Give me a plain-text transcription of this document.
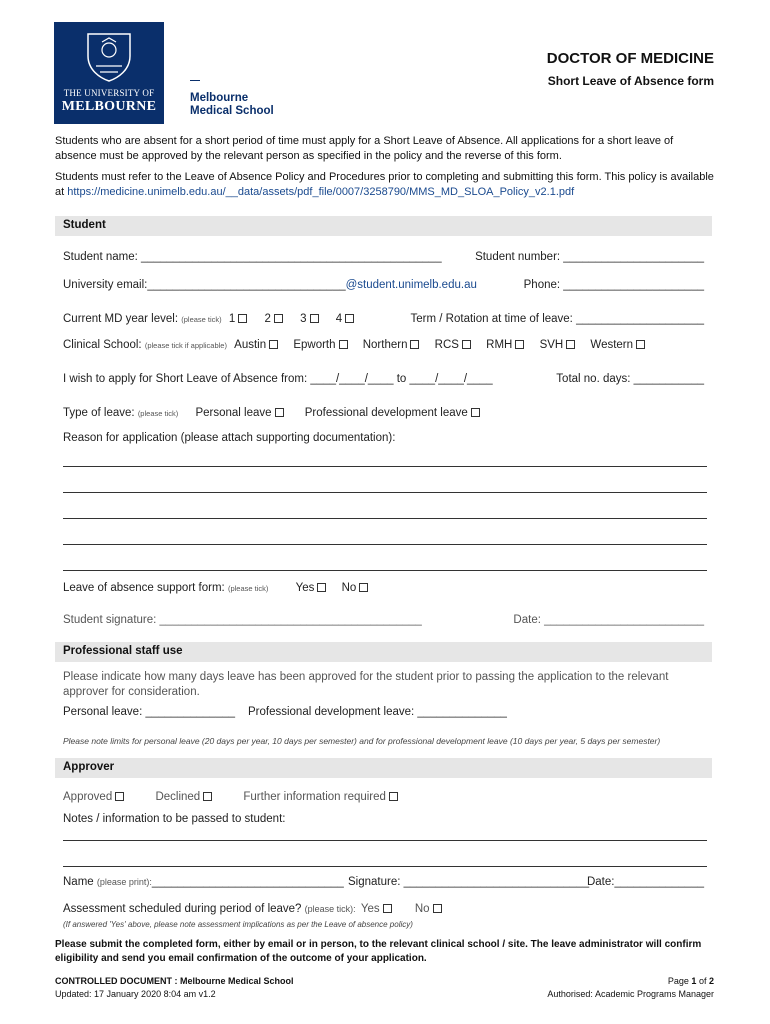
THE UNIVERSITY OF
MELBOURNE
Melbourne
Medical School
DOCTOR OF MEDICINE
Short Leave of Absence form
Students who are absent for a short period of time must apply for a Short Leave of Absence. All applications for a short leave of absence must be approved by the relevant person as specified in the policy and the reverse of this form.
Students must refer to the Leave of Absence Policy and Procedures prior to completing and submitting this form. This policy is available at https://medicine.unimelb.edu.au/__data/assets/pdf_file/0007/3258790/MMS_MD_SLOA_Policy_v2.1.pdf
Student
Student name: _______________________________________________	Student number: ______________________
University email:_______________________________@student.unimelb.edu.au	Phone: ______________________
Current MD year level: (please tick) 1	2	3	4	Term / Rotation at time of leave: ____________________
Clinical School: (please tick if applicable) Austin Epworth Northern RCS RMH SVH Western
I wish to apply for Short Leave of Absence from: ____/____/____ to ____/____/____	Total no. days: ___________
Type of leave: (please tick) Personal leave	Professional development leave
Reason for application (please attach supporting documentation):
Leave of absence support form: (please tick) Yes No
Student signature: _________________________________________	Date: _________________________
Professional staff use
Please indicate how many days leave has been approved for the student prior to passing the application to the relevant approver for consideration.
Personal leave: ______________ Professional development leave: ______________
Please note limits for personal leave (20 days per year, 10 days per semester) and for professional development leave (10 days per year, 5 days per semester)
Approver
Approved	Declined	Further information required
Notes / information to be passed to student:
Name (please print):______________________________ Signature: _____________________________
Date:______________
Assessment scheduled during period of leave? (please tick): Yes	No
(If answered 'Yes' above, please note assessment implications as per the Leave of absence policy)
Please submit the completed form, either by email or in person, to the relevant clinical school / site. The leave administrator will confirm eligibility and send you email confirmation of the outcome of your application.
CONTROLLED DOCUMENT : Melbourne Medical School
Updated: 17 January 2020 8:04 am v1.2
Page 1 of 2
Authorised: Academic Programs Manager
